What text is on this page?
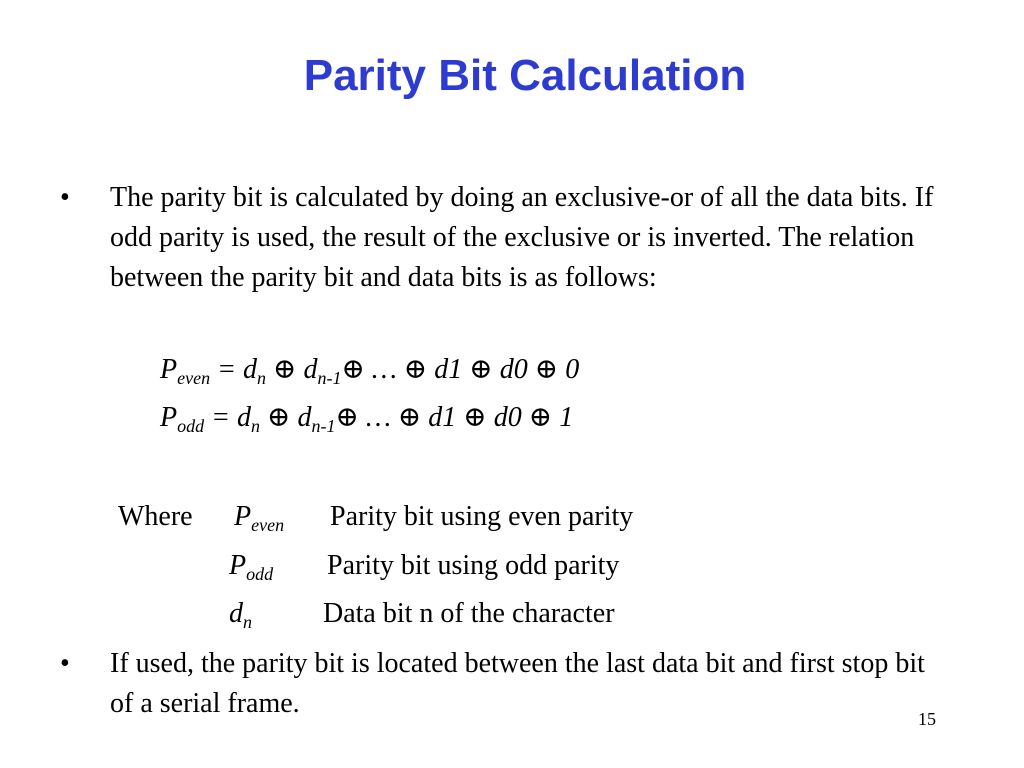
Parity Bit Calculation
• The parity bit is calculated by doing an exclusive-or of all the data bits. If odd parity is used, the result of the exclusive or is inverted. The relation between the parity bit and data bits is as follows:
$P_{even} = d_n$ ⊕ $d_{n-1}\oplus$ … ⊕ d1 ⊕ d0 ⊕ 0
$P_{odd} = d_n$ ⊕ $d_{n-1}\oplus$ … ⊕ d1 ⊕ d0 ⊕ 1
Where $P_{even}$ Parity bit using even parity
$P_{odd}$ Parity bit using odd parity
$d_n$	Data bit n of the character
• If used, the parity bit is located between the last data bit and first stop bit of a serial frame.	15
